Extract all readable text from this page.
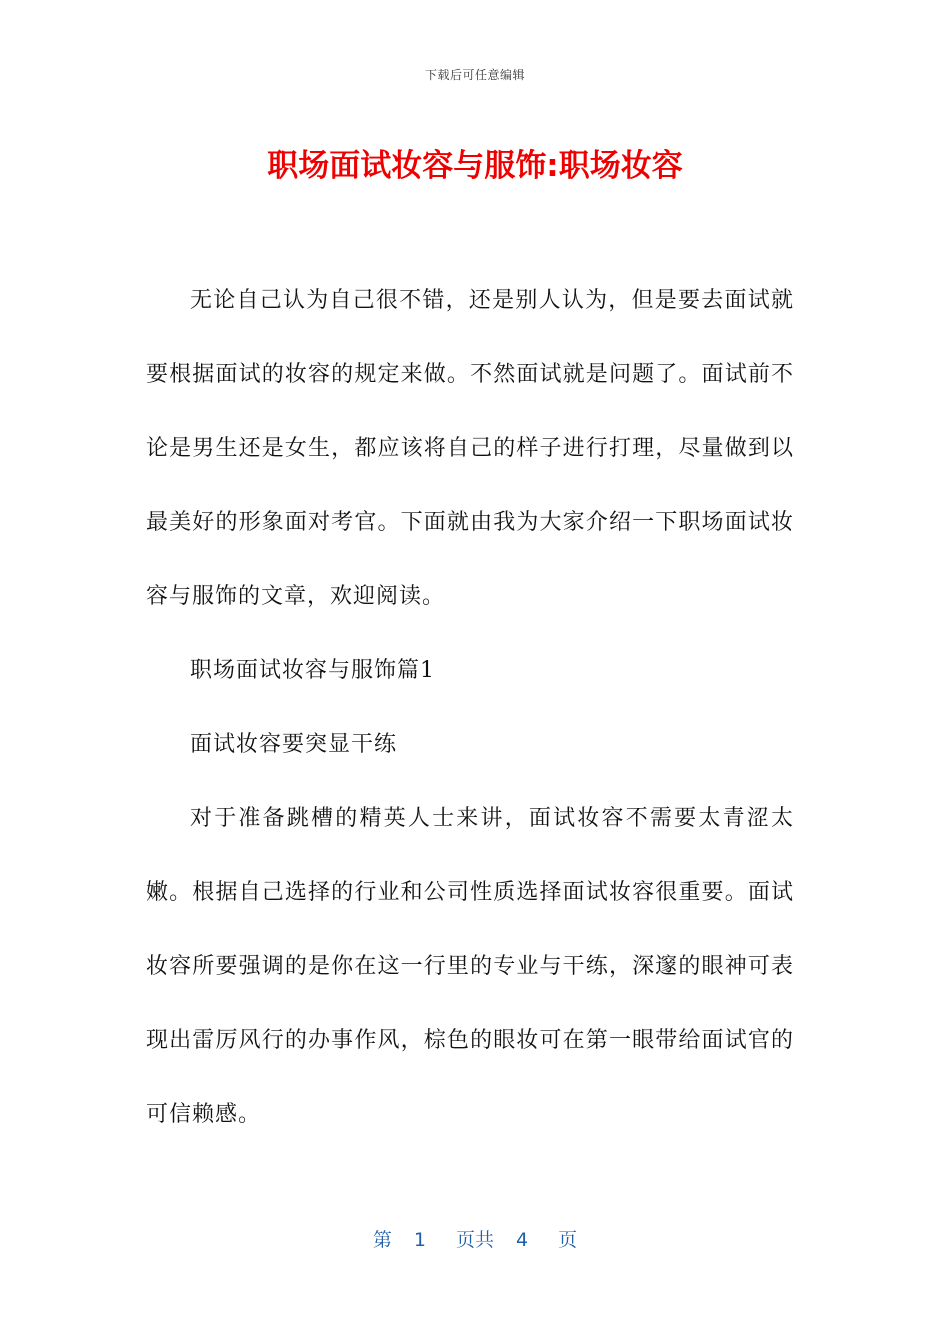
下载后可任意编辑
职场面试妆容与服饰:职场妆容

无论自己认为自己很不错，还是别人认为，但是要去面试就要根据面试的妆容的规定来做。不然面试就是问题了。面试前不论是男生还是女生，都应该将自己的样子进行打理，尽量做到以最美好的形象面对考官。下面就由我为大家介绍一下职场面试妆容与服饰的文章，欢迎阅读。

职场面试妆容与服饰篇1

面试妆容要突显干练

对于准备跳槽的精英人士来讲，面试妆容不需要太青涩太嫩。根据自己选择的行业和公司性质选择面试妆容很重要。面试妆容所要强调的是你在这一行里的专业与干练，深邃的眼神可表现出雷厉风行的办事作风，棕色的眼妆可在第一眼带给面试官的可信赖感。

第 1 页共 4 页
